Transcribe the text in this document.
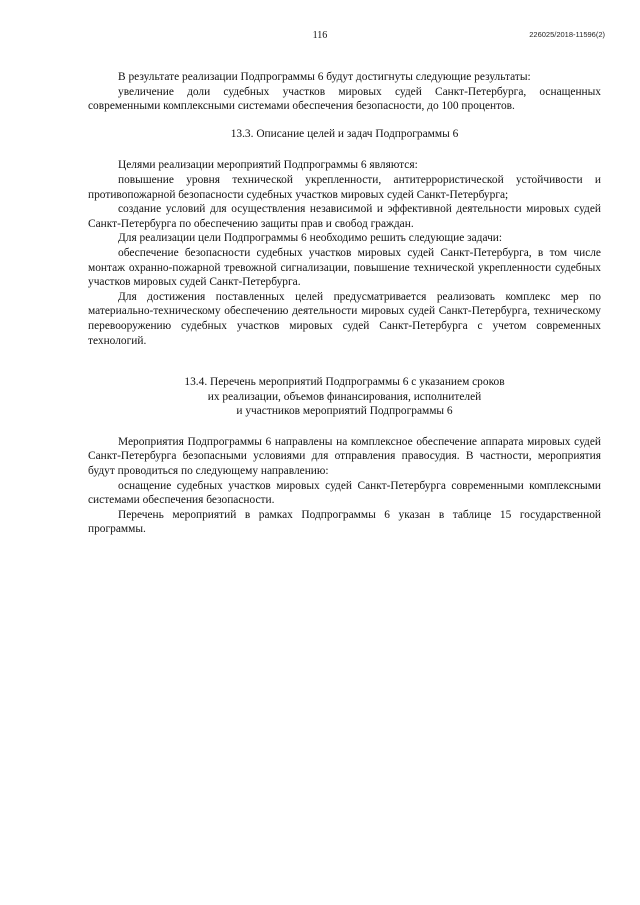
116	226025/2018-11596(2)

В результате реализации Подпрограммы 6 будут достигнуты следующие результаты:

увеличение доли судебных участков мировых судей Санкт-Петербурга, оснащенных современными комплексными системами обеспечения безопасности, до 100 процентов.

13.3. Описание целей и задач Подпрограммы 6

Целями реализации мероприятий Подпрограммы 6 являются:

повышение уровня технической укрепленности, антитеррористической устойчивости и противопожарной безопасности судебных участков мировых судей Санкт-Петербурга;

создание условий для осуществления независимой и эффективной деятельности мировых судей Санкт-Петербурга по обеспечению защиты прав и свобод граждан.

Для реализации цели Подпрограммы 6 необходимо решить следующие задачи:

обеспечение безопасности судебных участков мировых судей Санкт-Петербурга, в том числе монтаж охранно-пожарной тревожной сигнализации, повышение технической укрепленности судебных участков мировых судей Санкт-Петербурга.

Для достижения поставленных целей предусматривается реализовать комплекс мер по материально-техническому обеспечению деятельности мировых судей Санкт-Петербурга, техническому перевооружению судебных участков мировых судей Санкт-Петербурга с учетом современных технологий.

13.4. Перечень мероприятий Подпрограммы 6 с указанием сроков
их реализации, объемов финансирования, исполнителей
и участников мероприятий Подпрограммы 6

Мероприятия Подпрограммы 6 направлены на комплексное обеспечение аппарата мировых судей Санкт-Петербурга безопасными условиями для отправления правосудия. В частности, мероприятия будут проводиться по следующему направлению:

оснащение судебных участков мировых судей Санкт-Петербурга современными комплексными системами обеспечения безопасности.

Перечень мероприятий в рамках Подпрограммы 6 указан в таблице 15 государственной программы.
